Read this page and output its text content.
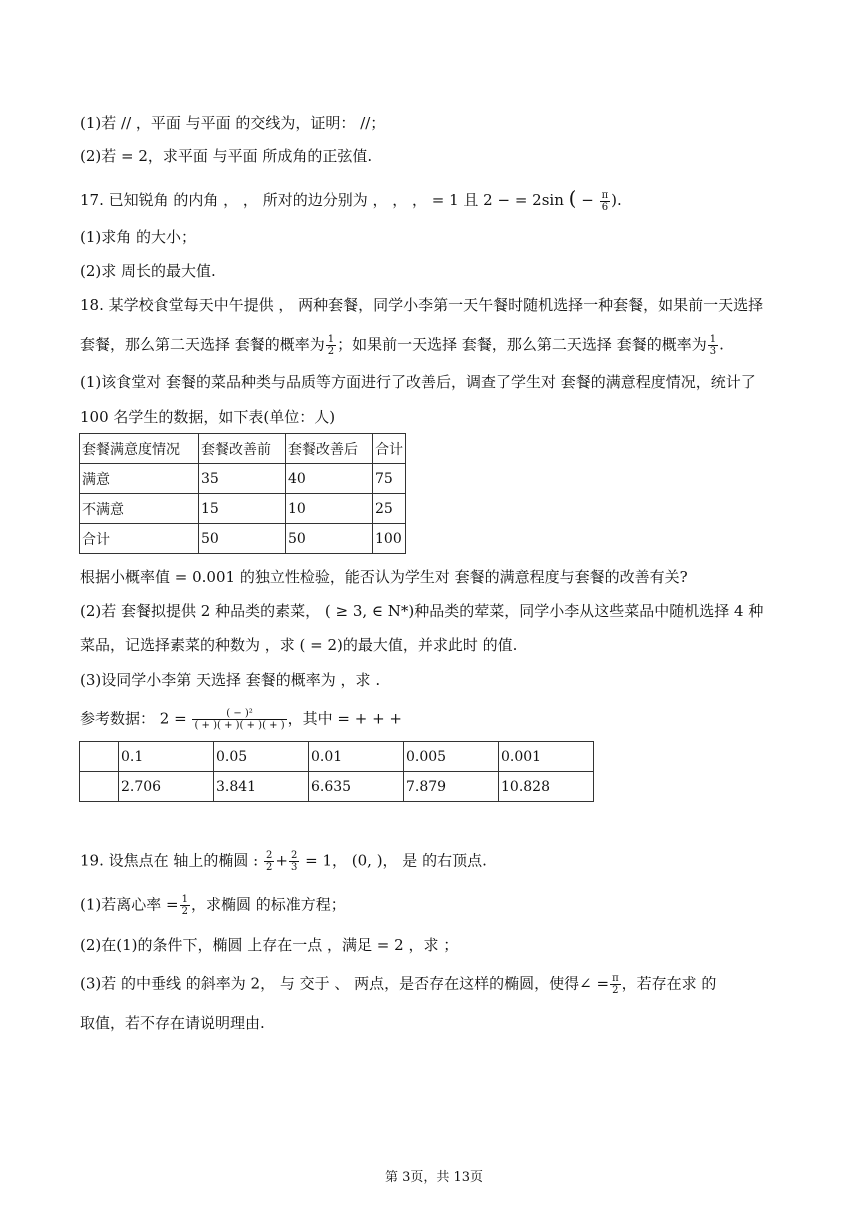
(1)若 // ，平面 与平面 的交线为，证明： //；
(2)若 = 2，求平面 与平面 所成角的正弦值.
17. 已知锐角 的内角 ， ， 所对的边分别为 ， ， ， = 1 且 2 − = 2sin ( − $\frac{\pi}{6}$ ).
(1)求角 的大小；
(2)求 周长的最大值.
18. 某学校食堂每天中午提供 ， 两种套餐，同学小李第一天午餐时随机选择一种套餐，如果前一天选择
套餐，那么第二天选择 套餐的概率为 $\frac{1}{2}$ ；如果前一天选择 套餐，那么第二天选择 套餐的概率为 $\frac{1}{3}$ .
(1)该食堂对 套餐的菜品种类与品质等方面进行了改善后，调查了学生对 套餐的满意程度情况，统计了
100 名学生的数据，如下表(单位：人)
套餐满意度情况	套餐改善前	套餐改善后	合计
满意	35	40	75
不满意	15	10	25
合计	50	50	100
根据小概率值 = 0.001 的独立性检验，能否认为学生对 套餐的满意程度与套餐的改善有关?
(2)若 套餐拟提供 2 种品类的素菜， ( ≥ 3, ∈ N*)种品类的荤菜，同学小李从这些菜品中随机选择 4 种
菜品，记选择素菜的种数为 ，求 ( = 2)的最大值，并求此时 的值.
(3)设同学小李第 天选择 套餐的概率为 ，求 .
参考数据： $2 = \frac{\text{( − )²}}{( + )( + )( + )( + )}$ ，其中 = + + +
	0.1	0.05	0.01	0.005	0.001
	2.706	3.841	6.635	7.879	10.828
19. 设焦点在 轴上的椭圆 : $\frac{2}{2} + \frac{2}{3} = 1$， (0, )， 是 的右顶点.
(1)若离心率 = $\frac{1}{2}$ ，求椭圆 的标准方程；
(2)在(1)的条件下，椭圆 上存在一点 ，满足 = 2 ，求 ；
(3)若 的中垂线 的斜率为 2， 与 交于 、 两点，是否存在这样的椭圆，使得∠ = $\frac{\pi}{2}$ ，若存在求 的
取值，若不存在请说明理由.
第 3页，共 13页
